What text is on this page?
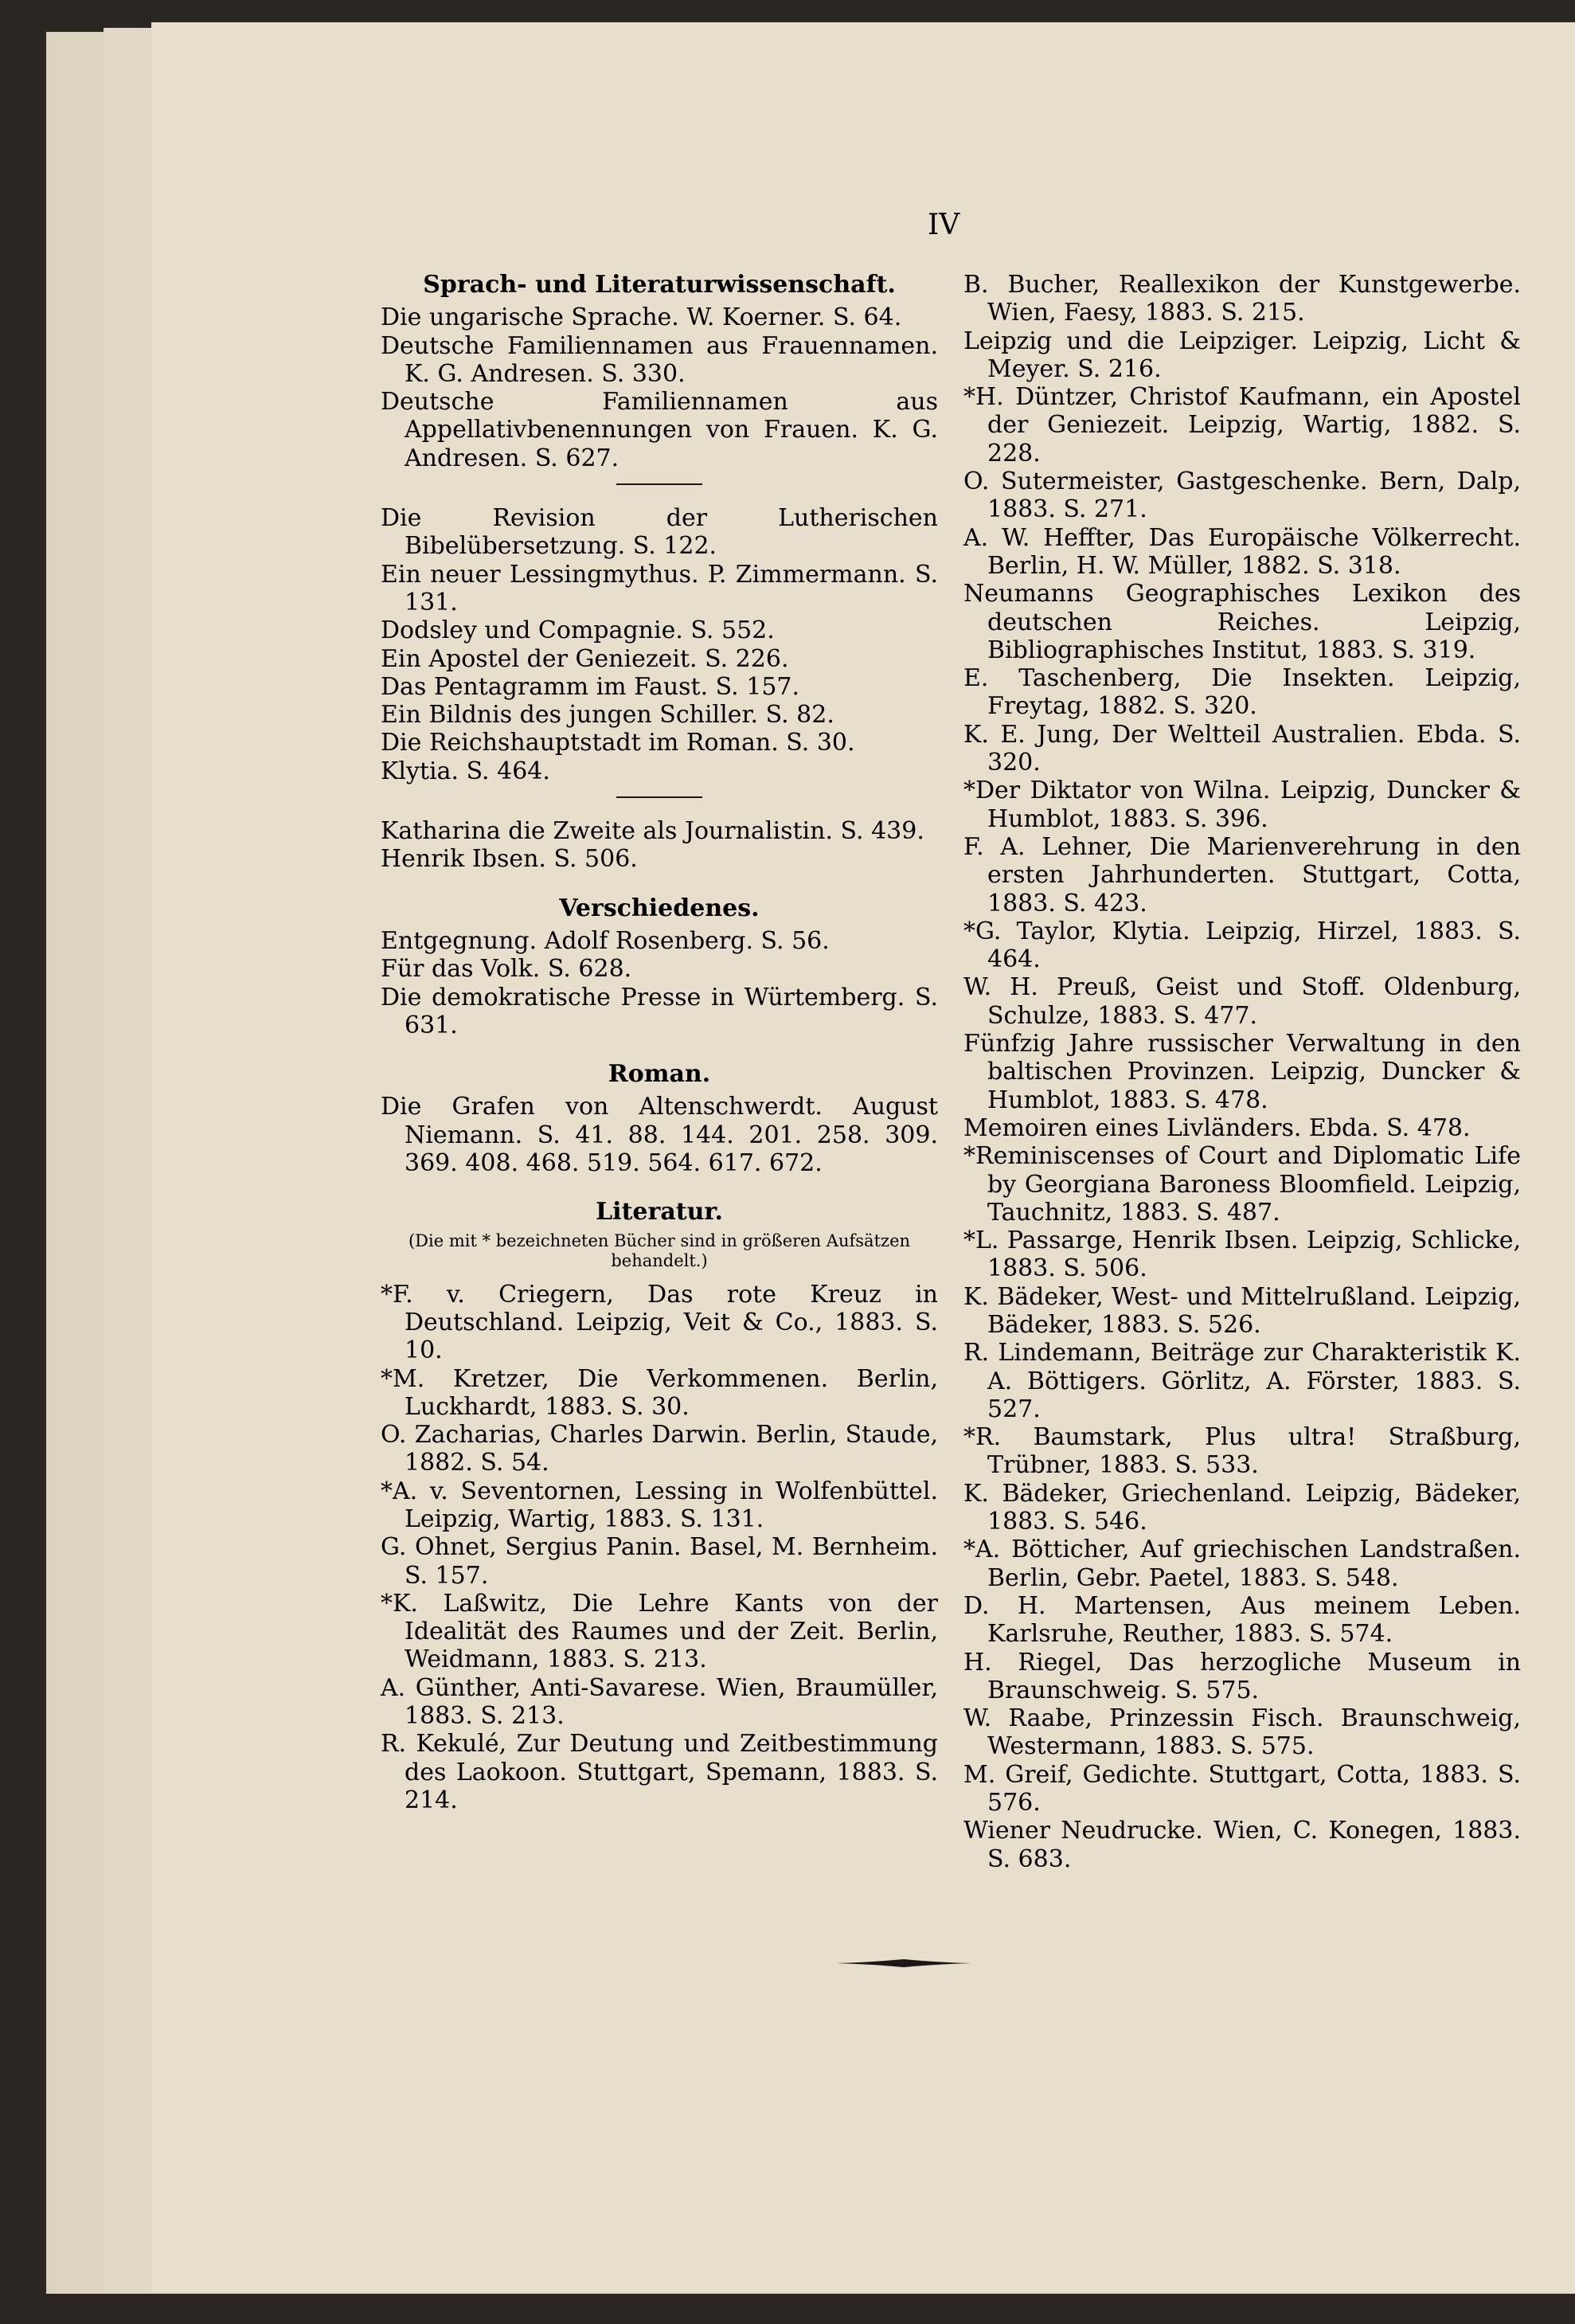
IV
Sprach- und Literaturwissenschaft.
Die ungarische Sprache. W. Koerner. S. 64.
Deutsche Familiennamen aus Frauennamen. K. G. Andresen. S. 330.
Deutsche Familiennamen aus Appellativbenennungen von Frauen. K. G. Andresen. S. 627.
Die Revision der Lutherischen Bibelübersetzung. S. 122.
Ein neuer Lessingmythus. P. Zimmermann. S. 131.
Dodsley und Compagnie. S. 552.
Ein Apostel der Geniezeit. S. 226.
Das Pentagramm im Faust. S. 157.
Ein Bildnis des jungen Schiller. S. 82.
Die Reichshauptstadt im Roman. S. 30.
Klytia. S. 464.
Katharina die Zweite als Journalistin. S. 439.
Henrik Ibsen. S. 506.
Verschiedenes.
Entgegnung. Adolf Rosenberg. S. 56.
Für das Volk. S. 628.
Die demokratische Presse in Würtemberg. S. 631.
Roman.
Die Grafen von Altenschwerdt. August Niemann. S. 41. 88. 144. 201. 258. 309. 369. 408. 468. 519. 564. 617. 672.
Literatur.
(Die mit * bezeichneten Bücher sind in größeren Aufsätzen behandelt.)
*F. v. Criegern, Das rote Kreuz in Deutschland. Leipzig, Veit & Co., 1883. S. 10.
*M. Kretzer, Die Verkommenen. Berlin, Luckhardt, 1883. S. 30.
O. Zacharias, Charles Darwin. Berlin, Staude, 1882. S. 54.
*A. v. Seventornen, Lessing in Wolfenbüttel. Leipzig, Wartig, 1883. S. 131.
G. Ohnet, Sergius Panin. Basel, M. Bernheim. S. 157.
*K. Laßwitz, Die Lehre Kants von der Idealität des Raumes und der Zeit. Berlin, Weidmann, 1883. S. 213.
A. Günther, Anti-Savarese. Wien, Braumüller, 1883. S. 213.
R. Kekulé, Zur Deutung und Zeitbestimmung des Laokoon. Stuttgart, Spemann, 1883. S. 214.
B. Bucher, Reallexikon der Kunstgewerbe. Wien, Faesy, 1883. S. 215.
Leipzig und die Leipziger. Leipzig, Licht & Meyer. S. 216.
*H. Düntzer, Christof Kaufmann, ein Apostel der Geniezeit. Leipzig, Wartig, 1882. S. 228.
O. Sutermeister, Gastgeschenke. Bern, Dalp, 1883. S. 271.
A. W. Heffter, Das Europäische Völkerrecht. Berlin, H. W. Müller, 1882. S. 318.
Neumanns Geographisches Lexikon des deutschen Reiches. Leipzig, Bibliographisches Institut, 1883. S. 319.
E. Taschenberg, Die Insekten. Leipzig, Freytag, 1882. S. 320.
K. E. Jung, Der Weltteil Australien. Ebda. S. 320.
*Der Diktator von Wilna. Leipzig, Duncker & Humblot, 1883. S. 396.
F. A. Lehner, Die Marienverehrung in den ersten Jahrhunderten. Stuttgart, Cotta, 1883. S. 423.
*G. Taylor, Klytia. Leipzig, Hirzel, 1883. S. 464.
W. H. Preuß, Geist und Stoff. Oldenburg, Schulze, 1883. S. 477.
Fünfzig Jahre russischer Verwaltung in den baltischen Provinzen. Leipzig, Duncker & Humblot, 1883. S. 478.
Memoiren eines Livländers. Ebda. S. 478.
*Reminiscenses of Court and Diplomatic Life by Georgiana Baroness Bloomfield. Leipzig, Tauchnitz, 1883. S. 487.
*L. Passarge, Henrik Ibsen. Leipzig, Schlicke, 1883. S. 506.
K. Bädeker, West- und Mittelrußland. Leipzig, Bädeker, 1883. S. 526.
R. Lindemann, Beiträge zur Charakteristik K. A. Böttigers. Görlitz, A. Förster, 1883. S. 527.
*R. Baumstark, Plus ultra! Straßburg, Trübner, 1883. S. 533.
K. Bädeker, Griechenland. Leipzig, Bädeker, 1883. S. 546.
*A. Bötticher, Auf griechischen Landstraßen. Berlin, Gebr. Paetel, 1883. S. 548.
D. H. Martensen, Aus meinem Leben. Karlsruhe, Reuther, 1883. S. 574.
H. Riegel, Das herzogliche Museum in Braunschweig. S. 575.
W. Raabe, Prinzessin Fisch. Braunschweig, Westermann, 1883. S. 575.
M. Greif, Gedichte. Stuttgart, Cotta, 1883. S. 576.
Wiener Neudrucke. Wien, C. Konegen, 1883. S. 683.
